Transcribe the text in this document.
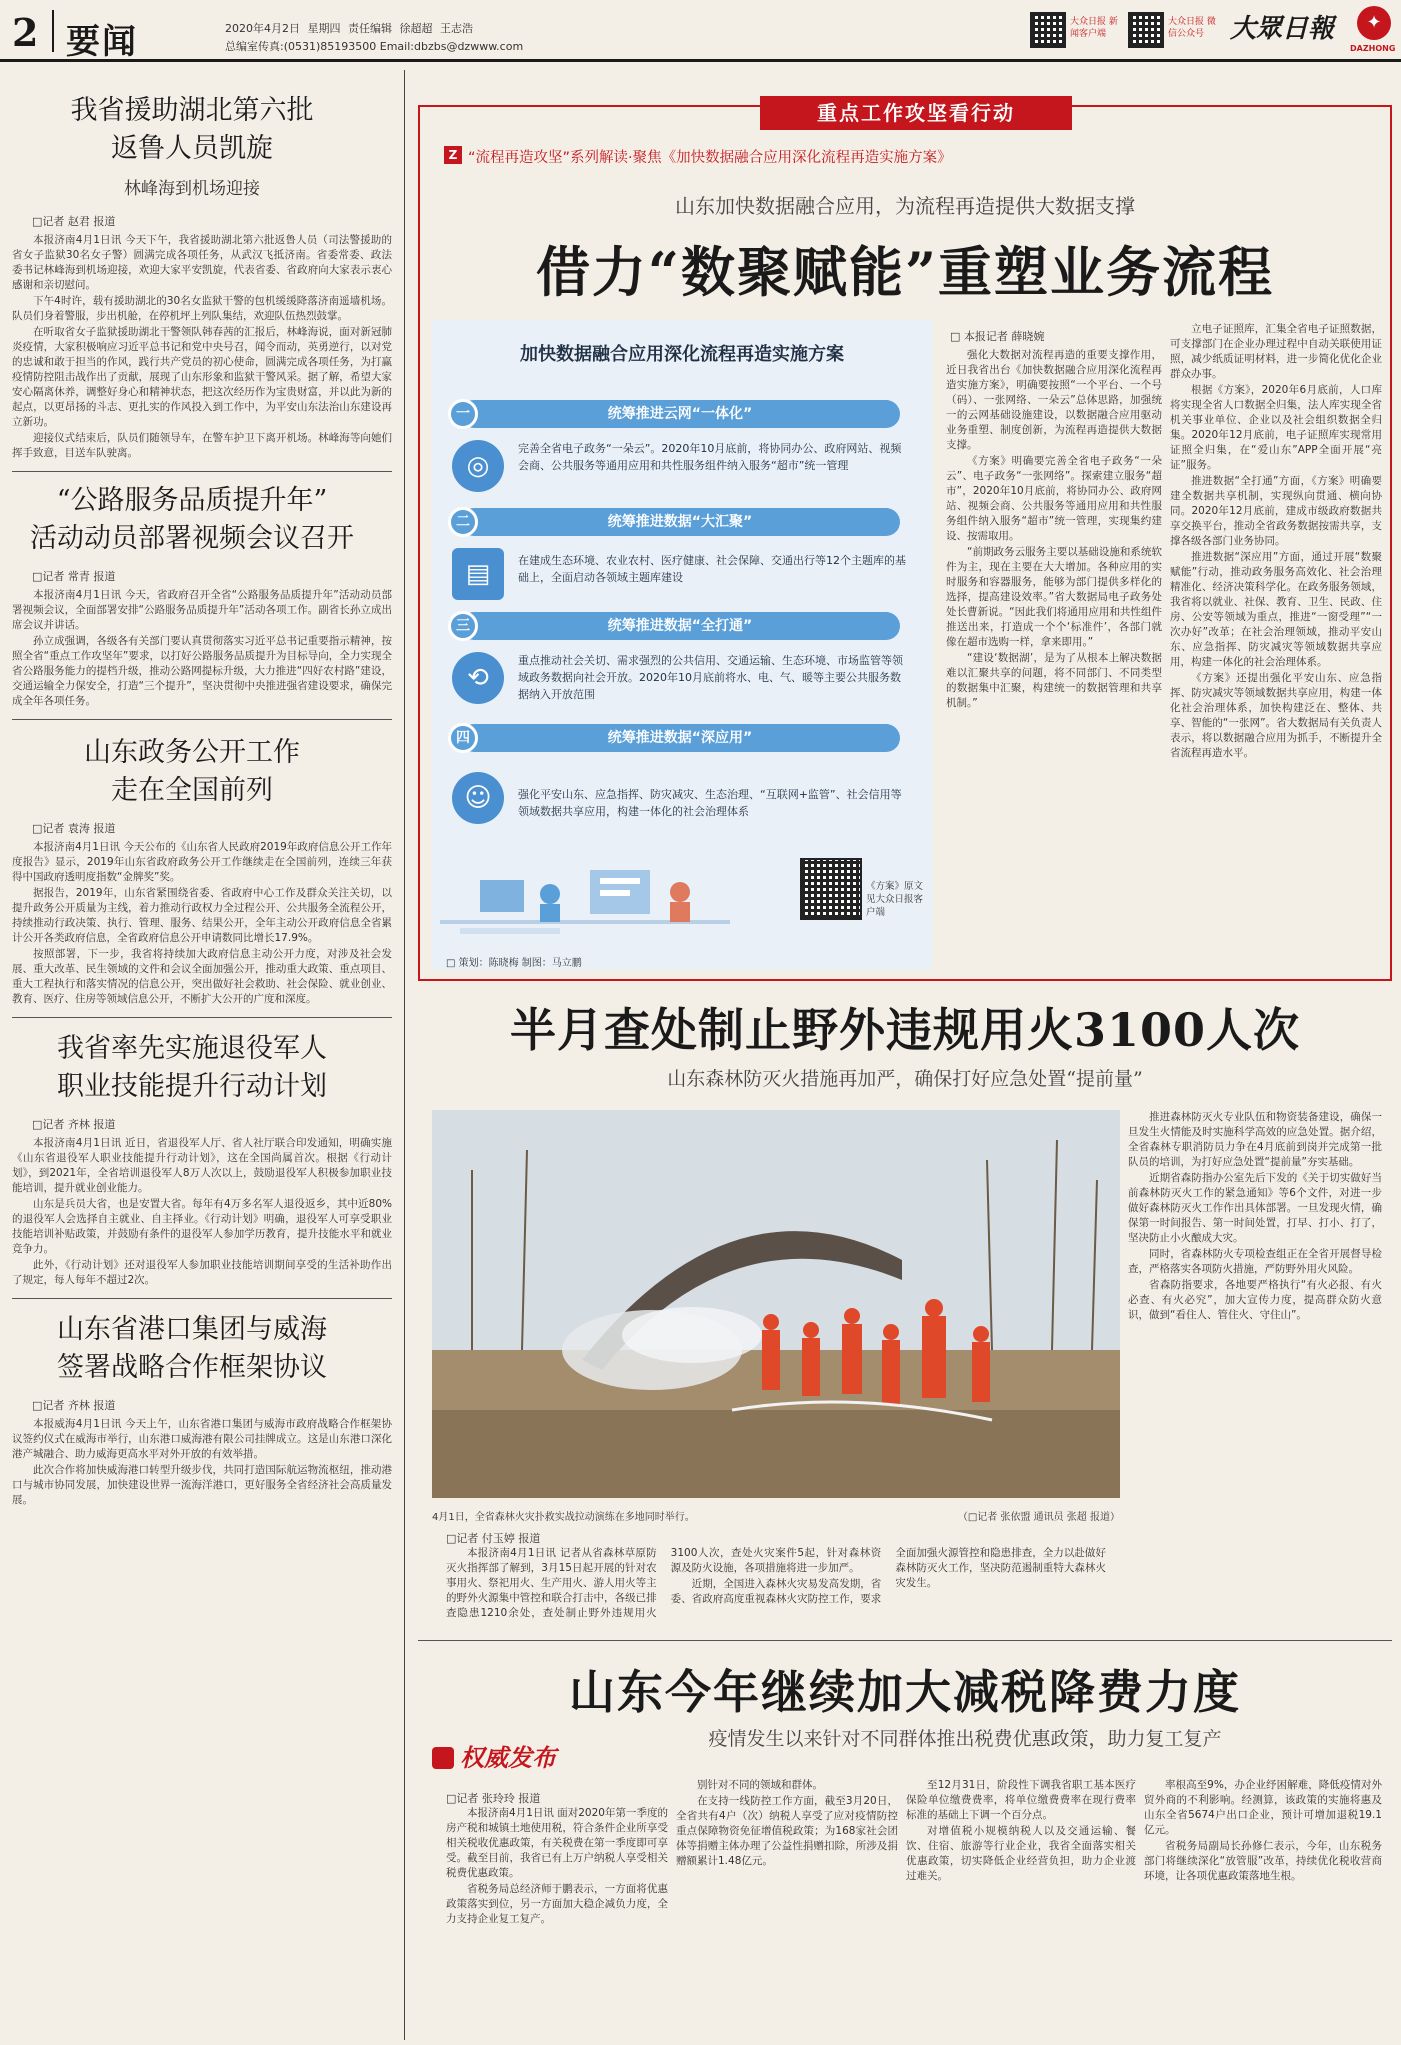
2 要闻	2020年4月2日 星期四 责任编辑 徐超超 王志浩
总编室传真:(0531)85193500 Email:dbzbs@dzwww.com
大众日报 新闻客户端
大众日报 微信公众号 大眾日報	✦
DAZHONG
我省援助湖北第六批
返鲁人员凯旋
林峰海到机场迎接
□记者 赵君 报道

本报济南4月1日讯 今天下午，我省援助湖北第六批返鲁人员（司法警援助的省女子监狱30名女子警）圆满完成各项任务，从武汉飞抵济南。省委常委、政法委书记林峰海到机场迎接，欢迎大家平安凯旋，代表省委、省政府向大家表示衷心感谢和亲切慰问。

下午4时许，载有援助湖北的30名女监狱干警的包机缓缓降落济南遥墙机场。队员们身着警服，步出机舱，在停机坪上列队集结，欢迎队伍热烈鼓掌。

在听取省女子监狱援助湖北干警领队韩春茜的汇报后，林峰海说，面对新冠肺炎疫情，大家积极响应习近平总书记和党中央号召，闻令而动，英勇逆行，以对党的忠诚和敢于担当的作风，践行共产党员的初心使命，圆满完成各项任务，为打赢疫情防控阻击战作出了贡献，展现了山东形象和监狱干警风采。据了解，希望大家安心隔离休养，调整好身心和精神状态，把这次经历作为宝贵财富，并以此为新的起点，以更昂扬的斗志、更扎实的作风投入到工作中，为平安山东法治山东建设再立新功。

迎接仪式结束后，队员们随领导车，在警车护卫下离开机场。林峰海等向她们挥手致意，目送车队驶离。

“公路服务品质提升年”
活动动员部署视频会议召开
□记者 常青 报道

本报济南4月1日讯 今天，省政府召开全省“公路服务品质提升年”活动动员部署视频会议，全面部署安排“公路服务品质提升年”活动各项工作。副省长孙立成出席会议并讲话。

孙立成强调，各级各有关部门要认真贯彻落实习近平总书记重要指示精神，按照全省“重点工作攻坚年”要求，以打好公路服务品质提升为目标导向，全力实现全省公路服务能力的提档升级，推动公路网提标升级，大力推进“四好农村路”建设，交通运输全力保安全，打造“三个提升”，坚决贯彻中央推进强省建设要求，确保完成全年各项任务。

山东政务公开工作
走在全国前列
□记者 袁涛 报道

本报济南4月1日讯 今天公布的《山东省人民政府2019年政府信息公开工作年度报告》显示，2019年山东省政府政务公开工作继续走在全国前列，连续三年获得中国政府透明度指数“金牌奖”奖。

据报告，2019年，山东省紧围绕省委、省政府中心工作及群众关注关切，以提升政务公开质量为主线，着力推动行政权力全过程公开、公共服务全流程公开，持续推动行政决策、执行、管理、服务、结果公开，全年主动公开政府信息全省累计公开各类政府信息，全省政府信息公开申请数同比增长17.9%。

按照部署，下一步，我省将持续加大政府信息主动公开力度，对涉及社会发展、重大改革、民生领域的文件和会议全面加强公开，推动重大政策、重点项目、重大工程执行和落实情况的信息公开，突出做好社会救助、社会保险、就业创业、教育、医疗、住房等领域信息公开，不断扩大公开的广度和深度。

我省率先实施退役军人
职业技能提升行动计划
□记者 齐林 报道

本报济南4月1日讯 近日，省退役军人厅、省人社厅联合印发通知，明确实施《山东省退役军人职业技能提升行动计划》，这在全国尚属首次。根据《行动计划》，到2021年，全省培训退役军人8万人次以上，鼓励退役军人积极参加职业技能培训，提升就业创业能力。

山东是兵员大省，也是安置大省。每年有4万多名军人退役返乡，其中近80%的退役军人会选择自主就业、自主择业。《行动计划》明确，退役军人可享受职业技能培训补贴政策，并鼓励有条件的退役军人参加学历教育，提升技能水平和就业竞争力。

此外，《行动计划》还对退役军人参加职业技能培训期间享受的生活补助作出了规定，每人每年不超过2次。

山东省港口集团与威海
签署战略合作框架协议
□记者 齐林 报道

本报威海4月1日讯 今天上午，山东省港口集团与威海市政府战略合作框架协议签约仪式在威海市举行，山东港口威海港有限公司挂牌成立。这是山东港口深化港产城融合、助力威海更高水平对外开放的有效举措。

此次合作将加快威海港口转型升级步伐，共同打造国际航运物流枢纽，推动港口与城市协同发展，加快建设世界一流海洋港口，更好服务全省经济社会高质量发展。

重点工作攻坚看行动
Z “流程再造攻坚”系列解读·聚焦《加快数据融合应用深化流程再造实施方案》
山东加快数据融合应用，为流程再造提供大数据支撑
借力“数聚赋能”重塑业务流程
加快数据融合应用深化流程再造实施方案
统筹推进云网“一体化”
一
◎
完善全省电子政务“一朵云”。2020年10月底前，将协同办公、政府网站、视频会商、公共服务等通用应用和共性服务组件纳入服务“超市”统一管理
统筹推进数据“大汇聚”
二
▤	在建成生态环境、农业农村、医疗健康、社会保障、交通出行等12个主题库的基础上，全面启动各领域主题库建设
统筹推进数据“全打通”
三
⟲
重点推动社会关切、需求强烈的公共信用、交通运输、生态环境、市场监管等领域政务数据向社会开放。2020年10月底前将水、电、气、暖等主要公共服务数据纳入开放范围
统筹推进数据“深应用”
四
☺	强化平安山东、应急指挥、防灾减灾、生态治理、“互联网+监管”、社会信用等领域数据共享应用，构建一体化的社会治理体系
□ 策划：陈晓梅 制图：马立鹏
《方案》原文见大众日报客户端
□ 本报记者 薛晓婉

强化大数据对流程再造的重要支撑作用，近日我省出台《加快数据融合应用深化流程再造实施方案》，明确要按照“一个平台、一个号（码）、一张网络、一朵云”总体思路，加强统一的云网基础设施建设，以数据融合应用驱动业务重塑、制度创新，为流程再造提供大数据支撑。

《方案》明确要完善全省电子政务“一朵云”、电子政务“一张网络”。探索建立服务“超市”，2020年10月底前，将协同办公、政府网站、视频会商、公共服务等通用应用和共性服务组件纳入服务“超市”统一管理，实现集约建设、按需取用。

“前期政务云服务主要以基础设施和系统软件为主，现在主要在大大增加。各种应用的实时服务和容器服务，能够为部门提供多样化的选择，提高建设效率。”省大数据局电子政务处处长曹新说。“因此我们将通用应用和共性组件推送出来，打造成一个个‘标准件’，各部门就像在超市选购一样，拿来即用。”

“建设‘数据湖’，是为了从根本上解决数据难以汇聚共享的问题，将不同部门、不同类型的数据集中汇聚，构建统一的数据管理和共享机制。”

立电子证照库，汇集全省电子证照数据，可支撑部门在企业办理过程中自动关联使用证照，减少纸质证明材料，进一步简化优化企业群众办事。

根据《方案》，2020年6月底前，人口库将实现全省人口数据全归集，法人库实现全省机关事业单位、企业以及社会组织数据全归集。2020年12月底前，电子证照库实现常用证照全归集，在“爱山东”APP全面开展“亮证”服务。

推进数据“全打通”方面，《方案》明确要建全数据共享机制，实现纵向贯通、横向协同。2020年12月底前，建成市级政府数据共享交换平台，推动全省政务数据按需共享，支撑各级各部门业务协同。

推进数据“深应用”方面，通过开展“数聚赋能”行动，推动政务服务高效化、社会治理精准化、经济决策科学化。在政务服务领域，我省将以就业、社保、教育、卫生、民政、住房、公安等领域为重点，推进“一窗受理”“一次办好”改革；在社会治理领域，推动平安山东、应急指挥、防灾减灾等领域数据共享应用，构建一体化的社会治理体系。

《方案》还提出强化平安山东、应急指挥、防灾减灾等领域数据共享应用，构建一体化社会治理体系，加快构建泛在、整体、共享、智能的“一张网”。省大数据局有关负责人表示，将以数据融合应用为抓手，不断提升全省流程再造水平。

半月查处制止野外违规用火3100人次
山东森林防灭火措施再加严，确保打好应急处置“提前量”
4月1日，全省森林火灾扑救实战拉动演练在多地同时举行。	（□记者 张依盟 通讯员 张超 报道）
□记者 付玉婷 报道

本报济南4月1日讯 记者从省森林草原防灭火指挥部了解到，3月15日起开展的针对农事用火、祭祀用火、生产用火、游人用火等主的野外火源集中管控和联合打击中，各级已排查隐患1210余处，查处制止野外违规用火3100人次，查处火灾案件5起，针对森林资源及防火设施，各项措施将进一步加严。

近期，全国进入森林火灾易发高发期，省委、省政府高度重视森林火灾防控工作，要求全面加强火源管控和隐患排查，全力以赴做好森林防灭火工作，坚决防范遏制重特大森林火灾发生。

推进森林防灭火专业队伍和物资装备建设，确保一旦发生火情能及时实施科学高效的应急处置。据介绍，全省森林专职消防员力争在4月底前到岗并完成第一批队员的培训，为打好应急处置“提前量”夯实基础。

近期省森防指办公室先后下发的《关于切实做好当前森林防灭火工作的紧急通知》等6个文件，对进一步做好森林防灭火工作作出具体部署。一旦发现火情，确保第一时间报告、第一时间处置，打早、打小、打了，坚决防止小火酿成大灾。

同时，省森林防火专项检查组正在全省开展督导检查，严格落实各项防火措施，严防野外用火风险。

省森防指要求，各地要严格执行“有火必报、有火必查、有火必究”，加大宣传力度，提高群众防火意识，做到“看住人、管住火、守住山”。

山东今年继续加大减税降费力度
疫情发生以来针对不同群体推出税费优惠政策，助力复工复产
权威发布
□记者 张玲玲 报道

本报济南4月1日讯 面对2020年第一季度的房产税和城镇土地使用税，符合条件企业所享受相关税收优惠政策，有关税费在第一季度即可享受。截至目前，我省已有上万户纳税人享受相关税费优惠政策。

省税务局总经济师于鹏表示，一方面将优惠政策落实到位，另一方面加大稳企减负力度，全力支持企业复工复产。

别针对不同的领域和群体。

在支持一线防控工作方面，截至3月20日，全省共有4户（次）纳税人享受了应对疫情防控重点保障物资免征增值税政策；为168家社会团体等捐赠主体办理了公益性捐赠扣除，所涉及捐赠额累计1.48亿元。

至12月31日，阶段性下调我省职工基本医疗保险单位缴费费率，将单位缴费费率在现行费率标准的基础上下调一个百分点。

对增值税小规模纳税人以及交通运输、餐饮、住宿、旅游等行业企业，我省全面落实相关优惠政策，切实降低企业经营负担，助力企业渡过难关。

率根高至9%，办企业纾困解难，降低疫情对外贸外商的不利影响。经测算，该政策的实施将惠及山东全省5674户出口企业，预计可增加退税19.1亿元。

省税务局副局长孙修仁表示，今年，山东税务部门将继续深化“放管服”改革，持续优化税收营商环境，让各项优惠政策落地生根。
